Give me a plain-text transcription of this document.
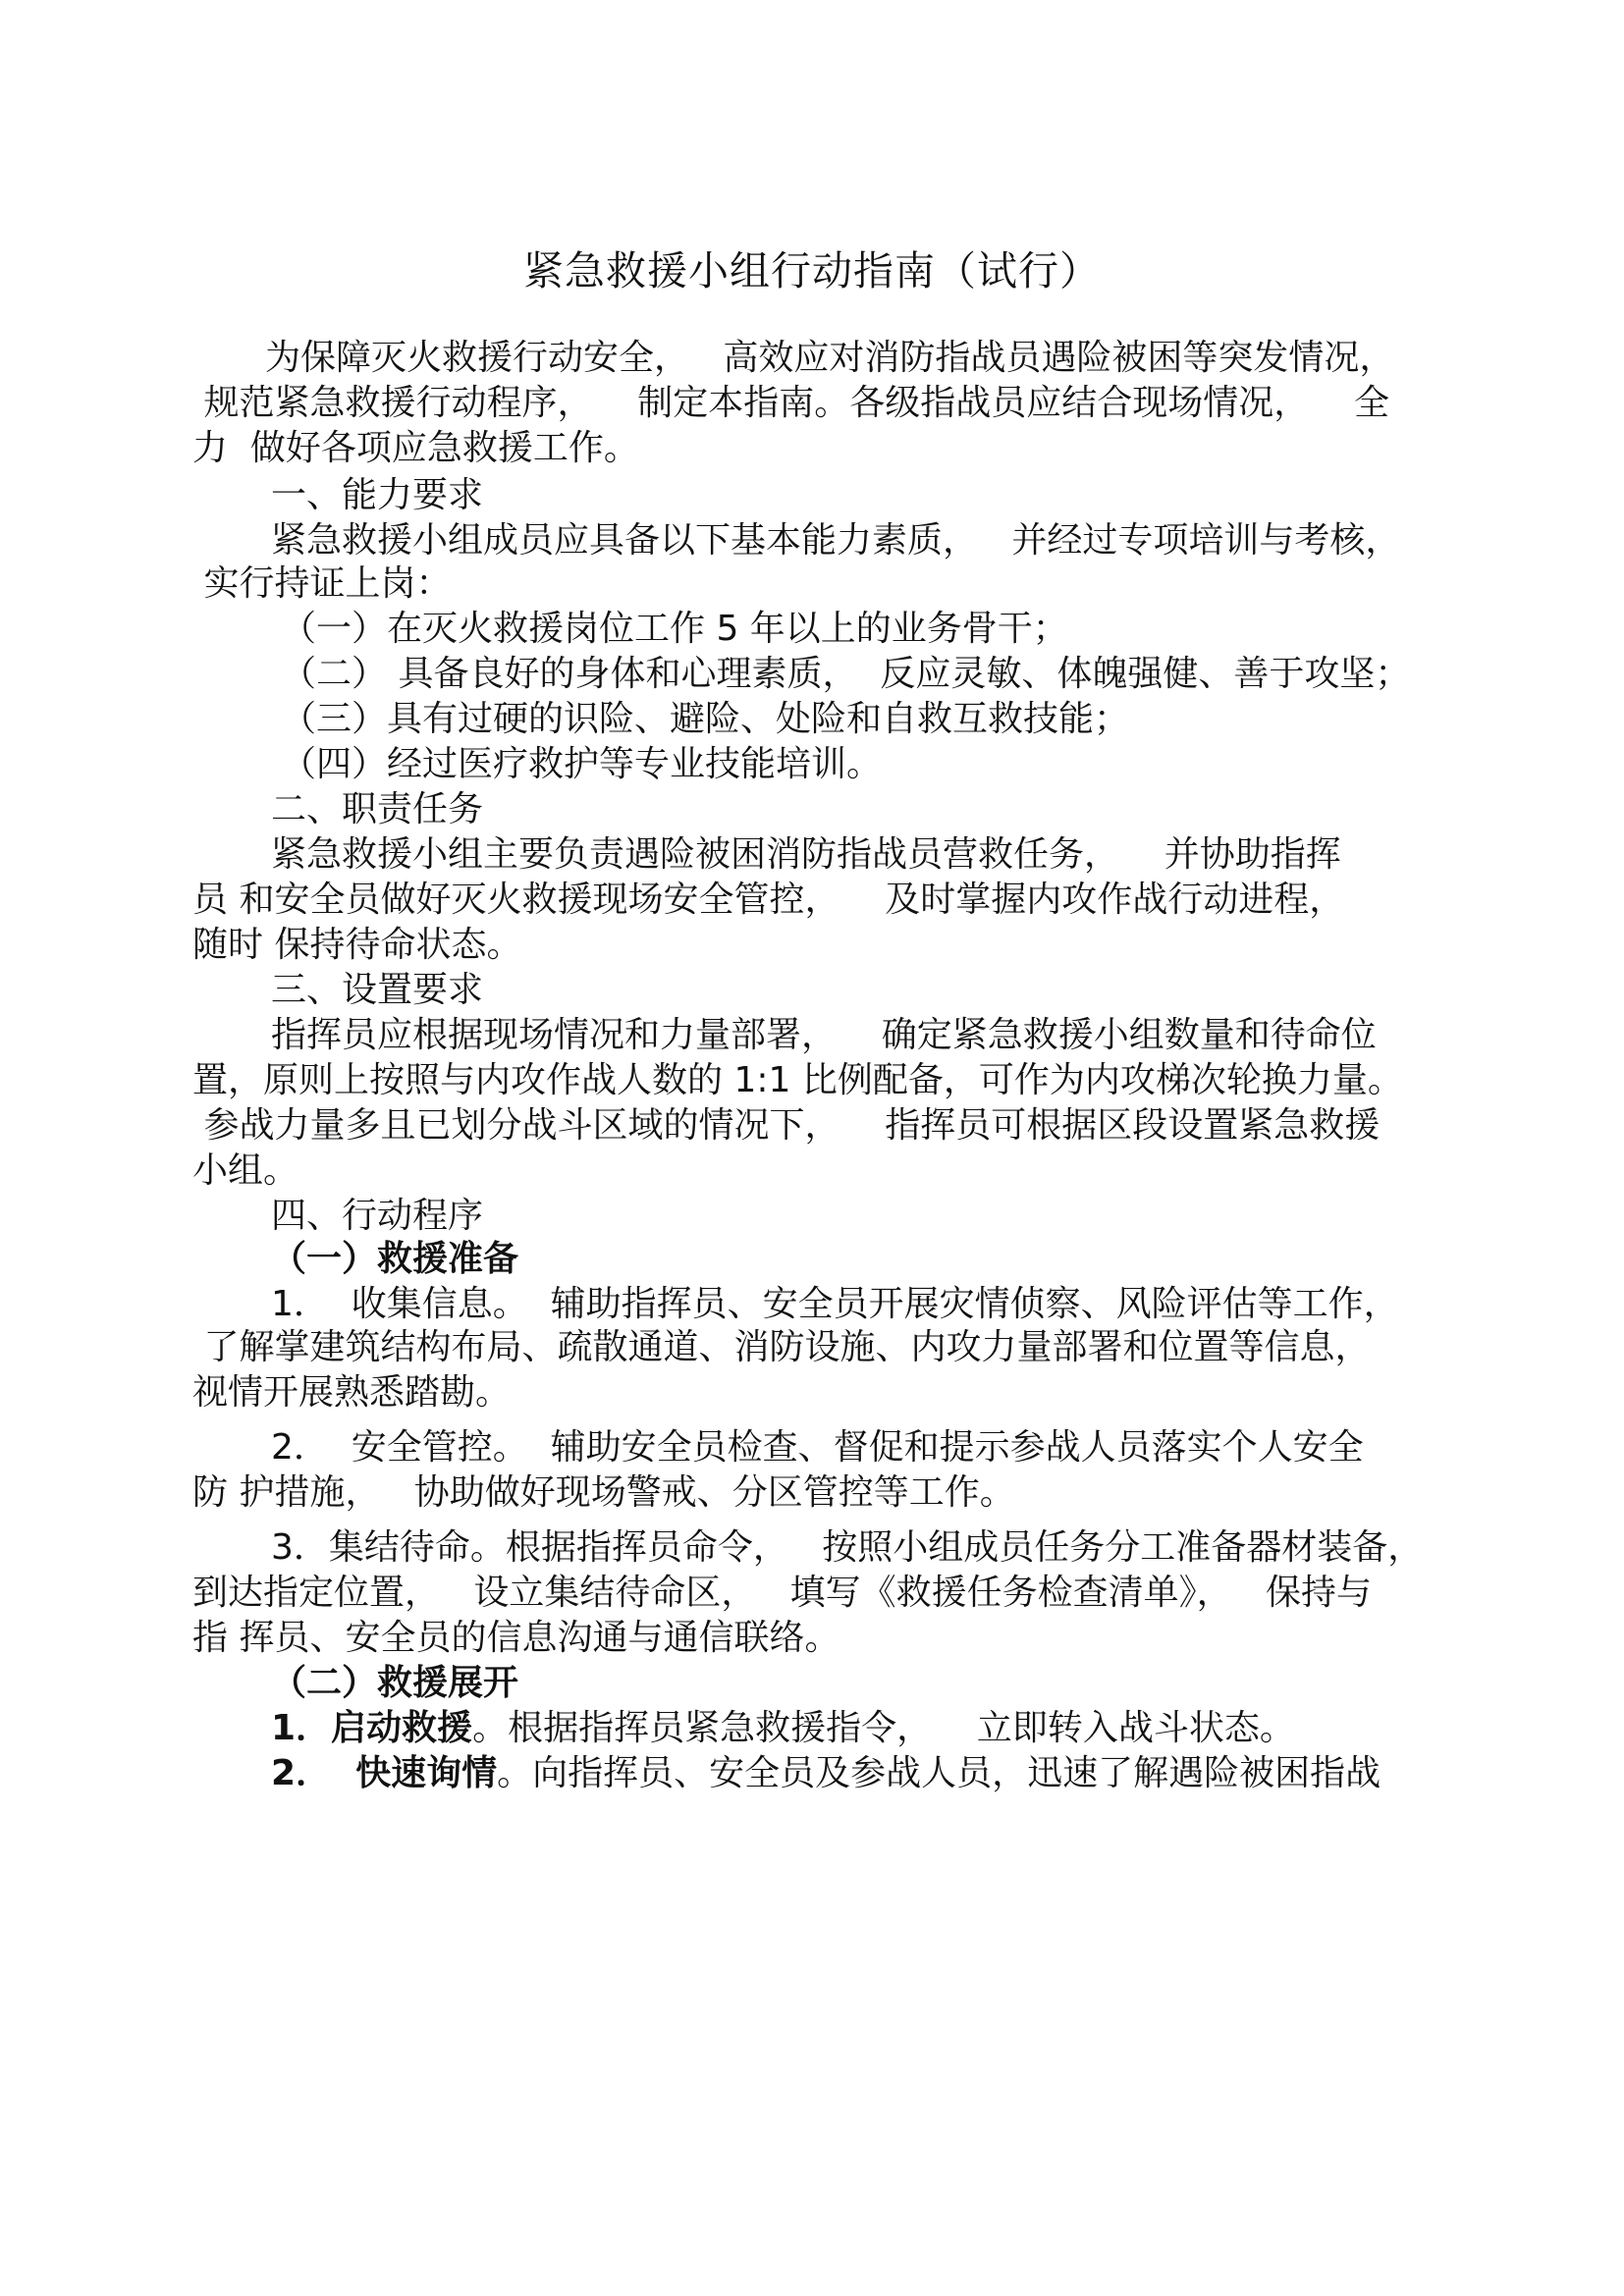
紧急救援小组行动指南（试行）
为保障灭火救援行动安全，   高效应对消防指战员遇险被困等突发情况，
规范紧急救援行动程序，    制定本指南。各级指战员应结合现场情况，    全
力  做好各项应急救援工作。
一、能力要求
紧急救援小组成员应具备以下基本能力素质，   并经过专项培训与考核，
实行持证上岗：
（一）在灭火救援岗位工作 5 年以上的业务骨干；
（二） 具备良好的身体和心理素质，  反应灵敏、体魄强健、善于攻坚；
（三）具有过硬的识险、避险、处险和自救互救技能；
（四）经过医疗救护等专业技能培训。
二、职责任务
紧急救援小组主要负责遇险被困消防指战员营救任务，    并协助指挥
员 和安全员做好灭火救援现场安全管控，    及时掌握内攻作战行动进程，
随时 保持待命状态。
三、设置要求
指挥员应根据现场情况和力量部署，    确定紧急救援小组数量和待命位
置，原则上按照与内攻作战人数的 1:1 比例配备，可作为内攻梯次轮换力量。
参战力量多且已划分战斗区域的情况下，    指挥员可根据区段设置紧急救援
小组。
四、行动程序
（一）救援准备
1．  收集信息。  辅助指挥员、安全员开展灾情侦察、风险评估等工作，
了解掌建筑结构布局、疏散通道、消防设施、内攻力量部署和位置等信息，
视情开展熟悉踏勘。
2．  安全管控。  辅助安全员检查、督促和提示参战人员落实个人安全
防 护措施，   协助做好现场警戒、分区管控等工作。
3．集结待命。根据指挥员命令，   按照小组成员任务分工准备器材装备，
到达指定位置，   设立集结待命区，   填写《救援任务检查清单》，   保持与
指 挥员、安全员的信息沟通与通信联络。
（二）救援展开
1．启动救援。根据指挥员紧急救援指令，    立即转入战斗状态。
2．  快速询情。向指挥员、安全员及参战人员，迅速了解遇险被困指战
